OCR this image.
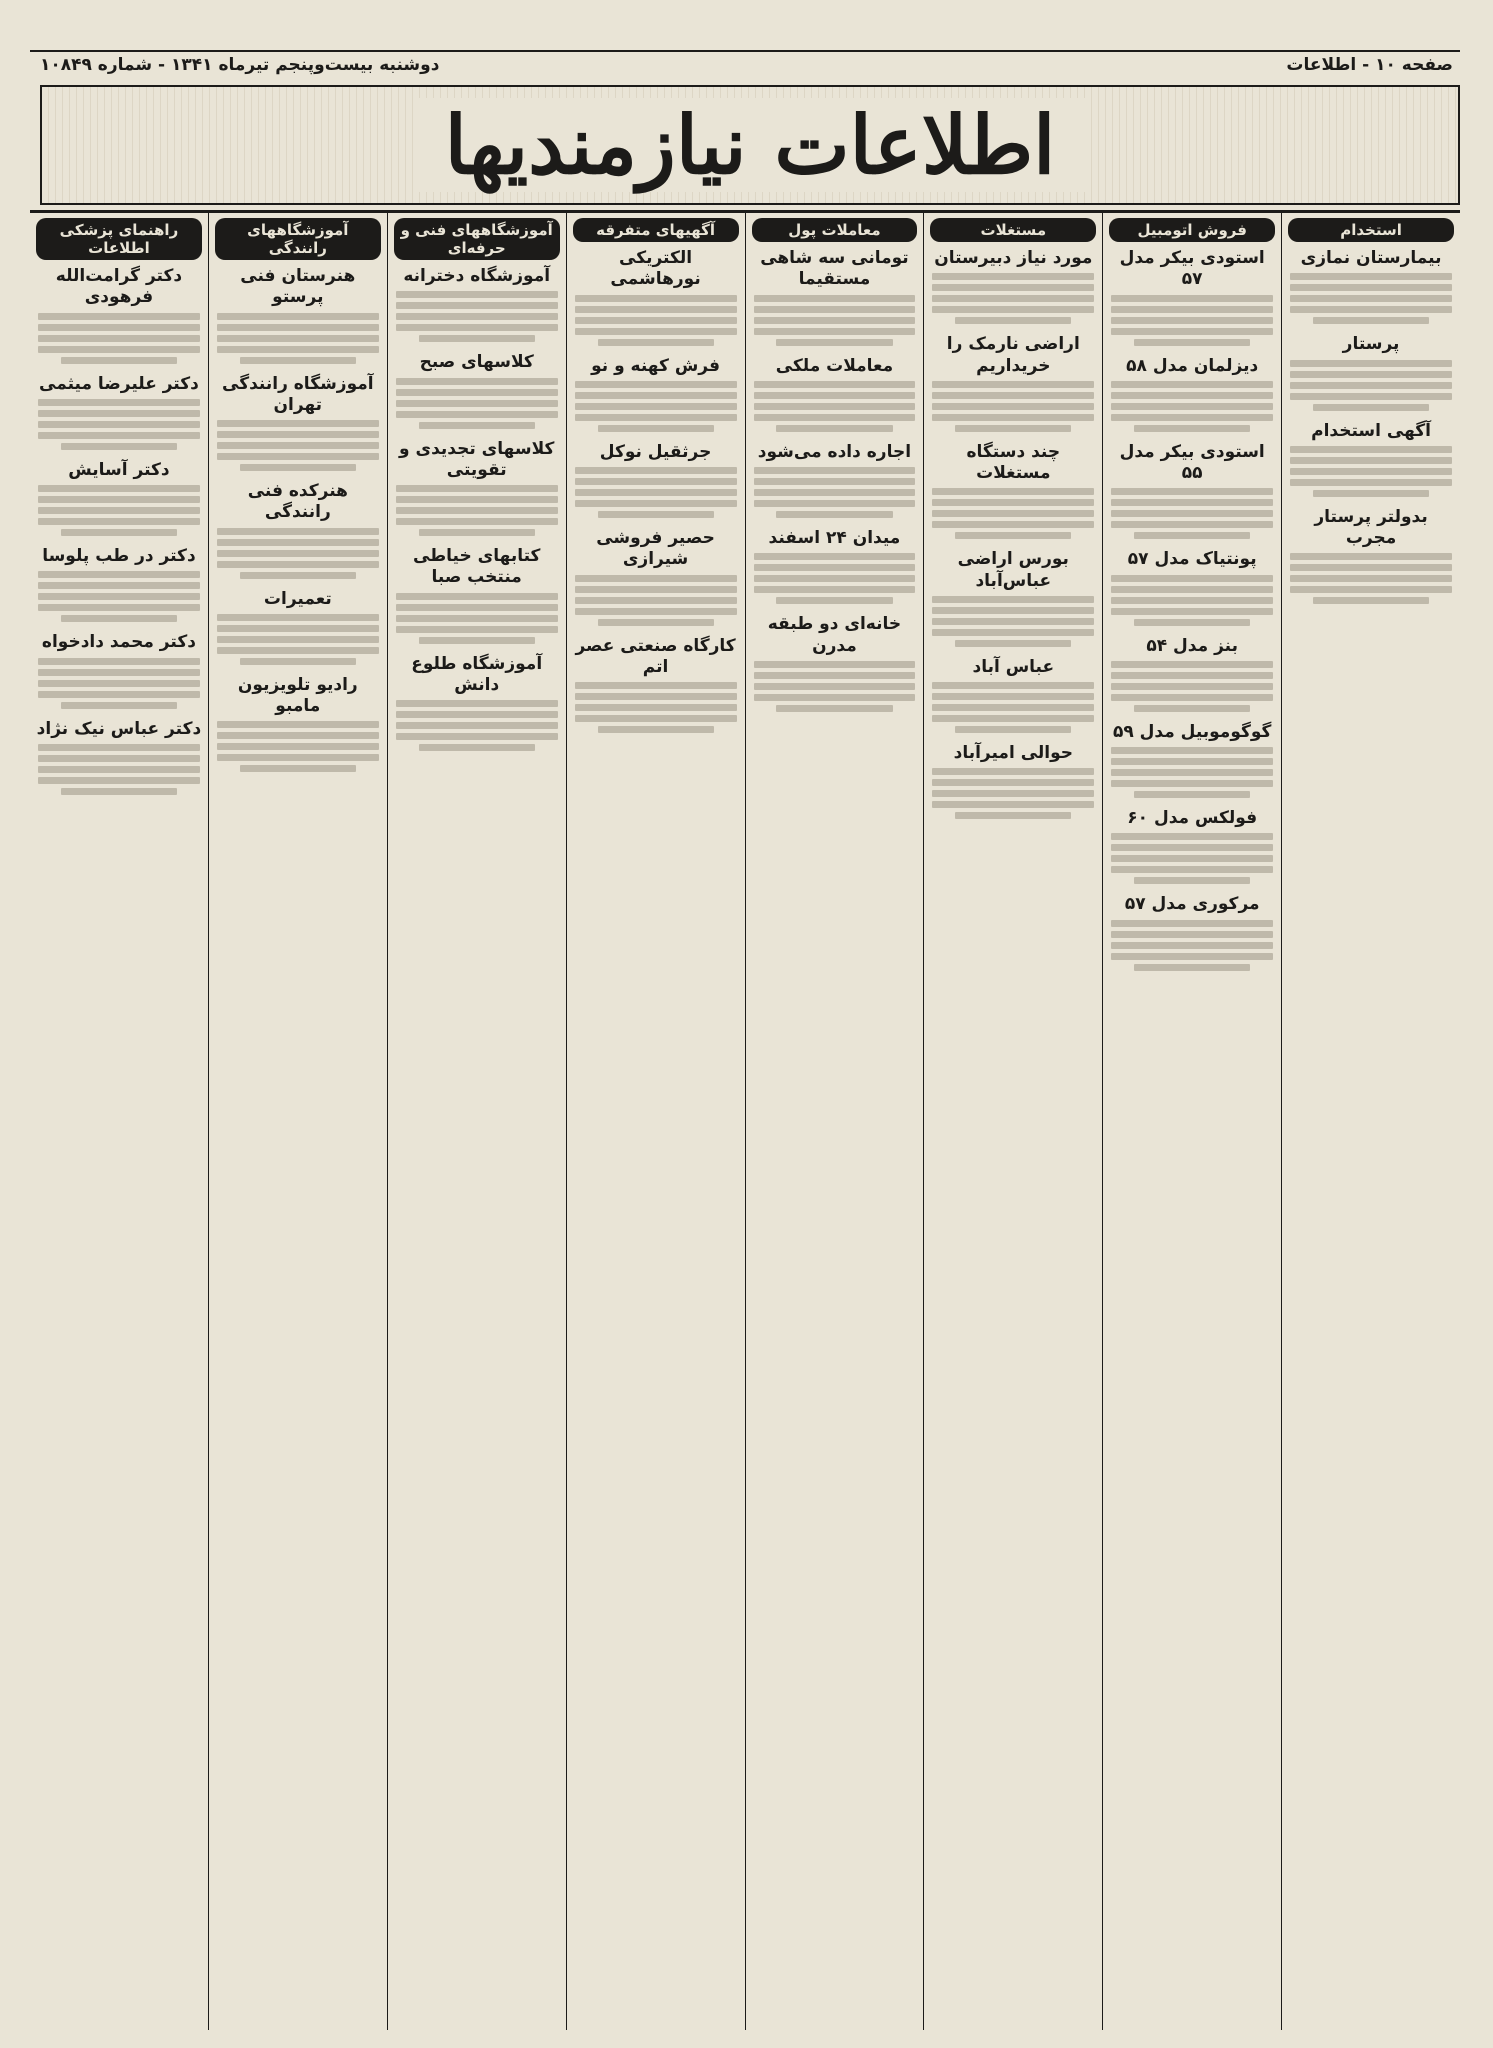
صفحه ۱۰ - اطلاعات
دوشنبه بیست‌وپنجم تیرماه ۱۳۴۱ - شماره ۱۰۸۴۹
اطلاعات نیازمندیها
استخدام
بیمارستان نمازی
پرستار
آگهی استخدام
بدولتر پرستار مجرب
فروش اتومبیل
استودی بیکر مدل ۵۷
دیزلمان مدل ۵۸
استودی بیکر مدل ۵۵
پونتیاک مدل ۵۷
بنز مدل ۵۴
گوگوموبیل مدل ۵۹
فولکس مدل ۶۰
مرکوری مدل ۵۷
مستغلات
مورد نیاز دبیرستان
اراضی نارمک را خریداریم
چند دستگاه مستغلات
بورس اراضی عباس‌آباد
عباس آباد
حوالی امیرآباد
معاملات پول
تومانی سه شاهی مستقیما
معاملات ملکی
اجاره داده می‌شود
میدان ۲۴ اسفند
خانه‌ای دو طبقه مدرن
آگهیهای متفرقه
الکتریکی نورهاشمی
فرش کهنه و نو
جرثقیل نوکل
حصیر فروشی شیرازی
کارگاه صنعتی عصر اتم
آموزشگاههای فنی و حرفه‌ای
آموزشگاه دخترانه
کلاسهای صبح
کلاسهای تجدیدی و تقویتی
کتابهای خیاطی منتخب صبا
آموزشگاه طلوع دانش
آموزشگاههای رانندگی
هنرستان فنی پرستو
آموزشگاه رانندگی تهران
هنرکده فنی رانندگی
تعمیرات
رادیو تلویزیون مامبو
راهنمای پزشکی اطلاعات
دکتر گرامت‌الله فرهودی
دکتر علیرضا میثمی
دکتر آسایش
دکتر در طب پلوسا
دکتر محمد دادخواه
دکتر عباس نیک نژاد
